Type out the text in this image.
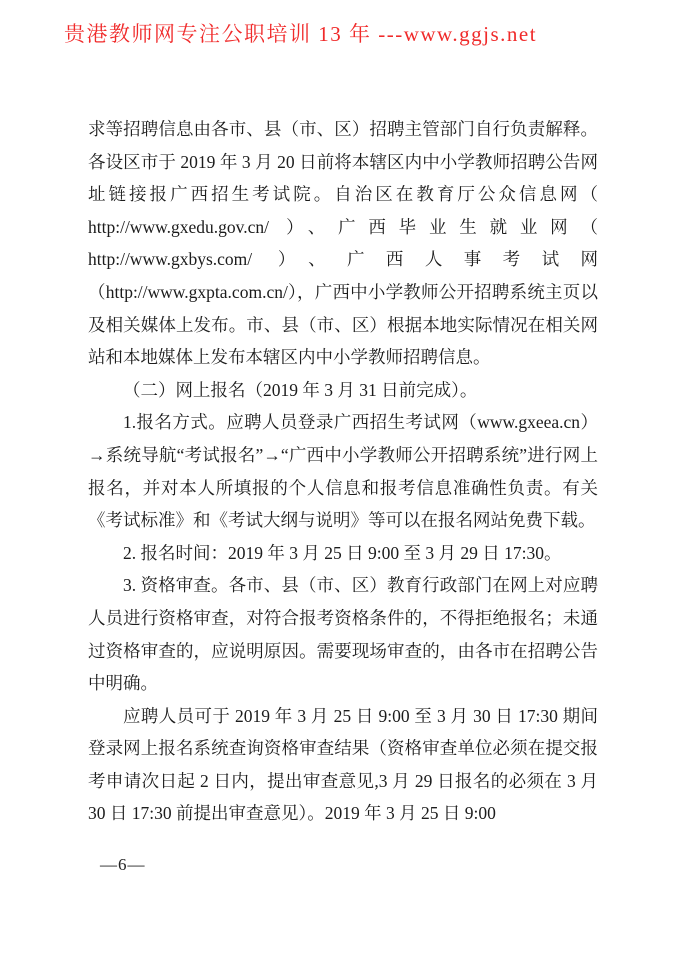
贵港教师网专注公职培训 13 年 ---www.ggjs.net

求等招聘信息由各市、县（市、区）招聘主管部门自行负责解释。各设区市于 2019 年 3 月 20 日前将本辖区内中小学教师招聘公告网址链接报广西招生考试院。自治区在教育厅公众信息网（ http://www.gxedu.gov.cn/ ）、广西毕业生就业网（ http://www.gxbys.com/ ）、广西人事考试网（http://www.gxpta.com.cn/），广西中小学教师公开招聘系统主页以及相关媒体上发布。市、县（市、区）根据本地实际情况在相关网站和本地媒体上发布本辖区内中小学教师招聘信息。

（二）网上报名（2019 年 3 月 31 日前完成）。

1.报名方式。应聘人员登录广西招生考试网（www.gxeea.cn）→系统导航“考试报名”→“广西中小学教师公开招聘系统”进行网上报名，并对本人所填报的个人信息和报考信息准确性负责。有关《考试标准》和《考试大纲与说明》等可以在报名网站免费下载。

2. 报名时间：2019 年 3 月 25 日 9:00 至 3 月 29 日 17:30。

3. 资格审查。各市、县（市、区）教育行政部门在网上对应聘人员进行资格审查，对符合报考资格条件的，不得拒绝报名；未通过资格审查的，应说明原因。需要现场审查的，由各市在招聘公告中明确。

应聘人员可于 2019 年 3 月 25 日 9:00 至 3 月 30 日 17:30 期间登录网上报名系统查询资格审查结果（资格审查单位必须在提交报考申请次日起 2 日内，提出审查意见,3 月 29 日报名的必须在 3 月 30 日 17:30 前提出审查意见）。2019 年 3 月 25 日 9:00

—6—
